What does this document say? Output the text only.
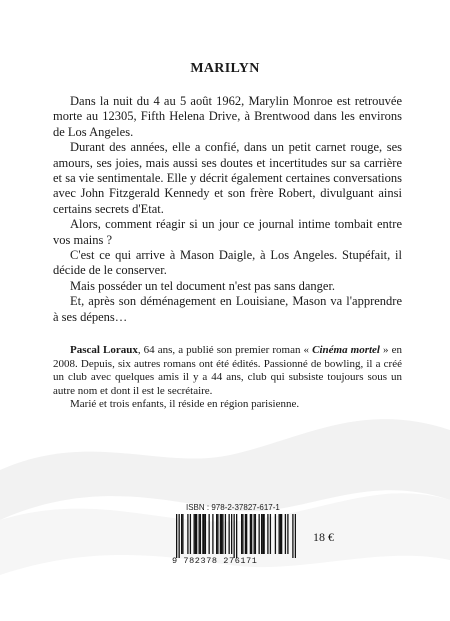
MARILYN

Dans la nuit du 4 au 5 août 1962, Marylin Monroe est retrouvée morte au 12305, Fifth Helena Drive, à Brentwood dans les environs de Los Angeles.

Durant des années, elle a confié, dans un petit carnet rouge, ses amours, ses joies, mais aussi ses doutes et incertitudes sur sa carrière et sa vie sentimentale. Elle y décrit également certaines conversations avec John Fitzgerald Kennedy et son frère Robert, divulguant ainsi certains secrets d'Etat.

Alors, comment réagir si un jour ce journal intime tombait entre vos mains ?

C'est ce qui arrive à Mason Daigle, à Los Angeles. Stupéfait, il décide de le conserver.

Mais posséder un tel document n'est pas sans danger.

Et, après son déménagement en Louisiane, Mason va l'apprendre à ses dépens…

Pascal Loraux, 64 ans, a publié son premier roman « Cinéma mortel » en 2008. Depuis, six autres romans ont été édités. Passionné de bowling, il a créé un club avec quelques amis il y a 44 ans, club qui subsiste toujours sous un autre nom et dont il est le secrétaire.

Marié et trois enfants, il réside en région parisienne.

ISBN : 978-2-37827-617-1
9 782378 276171
18 €
